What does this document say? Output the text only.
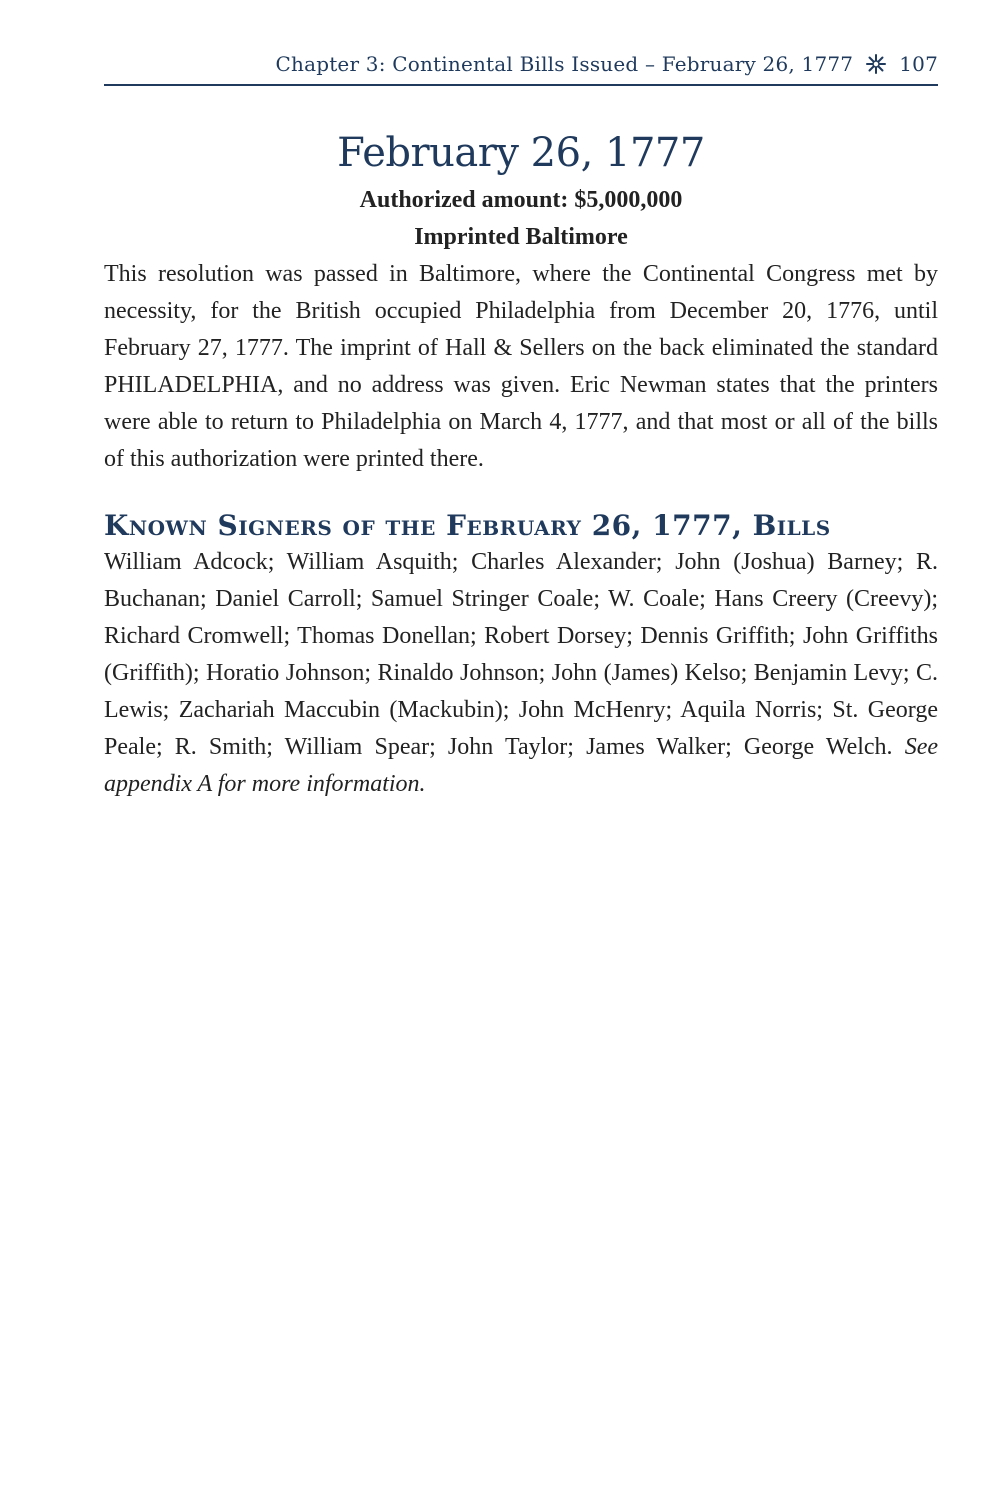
Chapter 3: Continental Bills Issued – February 26, 1777 107
February 26, 1777
Authorized amount: $5,000,000
Imprinted Baltimore

This resolution was passed in Baltimore, where the Continental Congress met by necessity, for the British occupied Philadelphia from December 20, 1776, until February 27, 1777. The imprint of Hall & Sellers on the back eliminated the standard PHILADELPHIA, and no address was given. Eric Newman states that the printers were able to return to Philadelphia on March 4, 1777, and that most or all of the bills of this authorization were printed there.

Known Signers of the February 26, 1777, Bills

William Adcock; William Asquith; Charles Alexander; John (Joshua) Barney; R. Buchanan; Daniel Carroll; Samuel Stringer Coale; W. Coale; Hans Creery (Creevy); Richard Cromwell; Thomas Donellan; Robert Dorsey; Dennis Griffith; John Griffiths (Griffith); Horatio Johnson; Rinaldo Johnson; John (James) Kelso; Benjamin Levy; C. Lewis; Zachariah Maccubin (Mackubin); John McHenry; Aquila Norris; St. George Peale; R. Smith; William Spear; John Taylor; James Walker; George Welch. See appendix A for more information.
